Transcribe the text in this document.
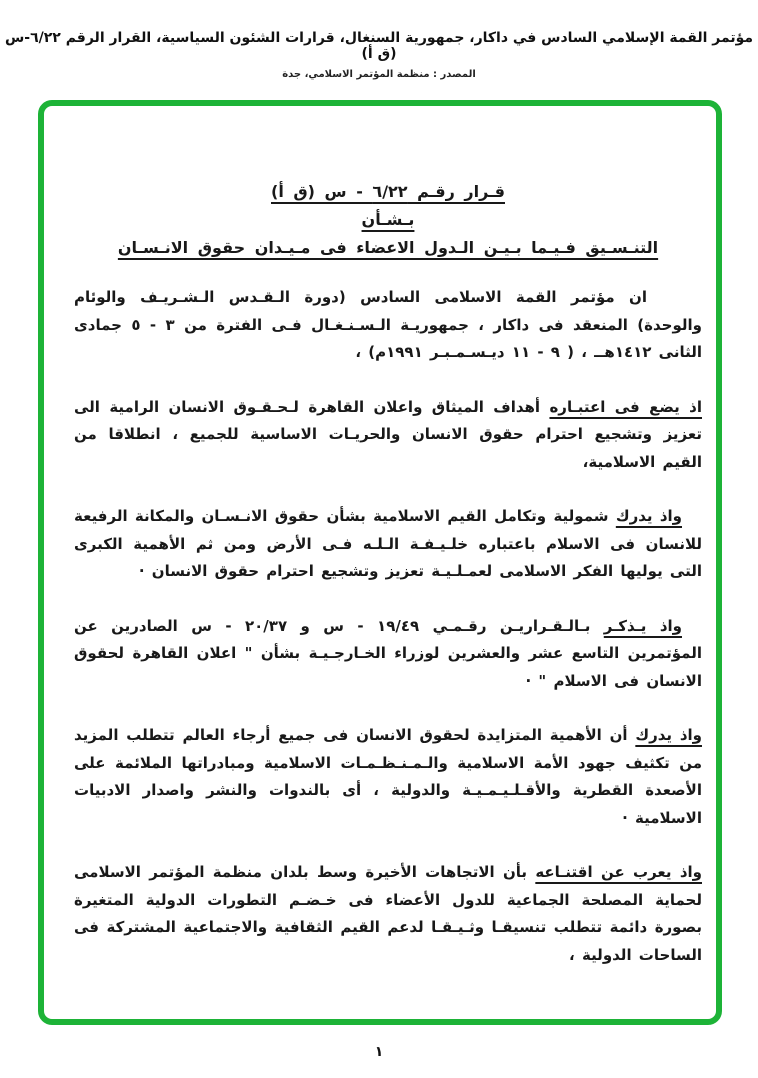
مؤتمر القمة الإسلامي السادس في داكار، جمهورية السنغال، قرارات الشئون السياسية، القرار الرقم ٦/٢٢-س (ق أ)
المصدر : منظمة المؤتمر الاسلامي، جدة
قـرار رقـم ٦/٢٢ - س (ق أ)
بـشـأن
التنـسـيق فـيـما بـيـن الـدول الاعضاء فى مـيـدان حقوق الانـسـان

ان مؤتمر القمة الاسلامى السادس (دورة الـقـدس الـشـريـف والوئام والوحدة) المنعقد فى داكار ، جمهوريـة الـسـنـغـال فـى الفترة من ٣ - ٥ جمادى الثانى ١٤١٢هــ ، ( ٩ - ١١ ديـسـمـبـر ١٩٩١م) ،

اذ يضع فى اعتبـاره أهداف الميثاق واعلان القاهرة لـحـقـوق الانسان الرامية الى تعزيز وتشجيع احترام حقوق الانسان والحريـات الاساسية للجميع ، انطلاقا من القيم الاسلامية،

واذ يدرك شمولية وتكامل القيم الاسلامية بشأن حقوق الانـسـان والمكانة الرفيعة للانسان فى الاسلام باعتباره خلـيـفـة الـلـه فـى الأرض ومن ثم الأهمية الكبرى التى يوليها الفكر الاسلامى لعمـلـيـة تعزيز وتشجيع احترام حقوق الانسان ·

واذ يـذكـر بـالـقـراريـن رقـمـي ١٩/٤٩ - س و ٢٠/٣٧ - س الصادرين عن المؤتمرين التاسع عشر والعشرين لوزراء الخـارجـيـة بشأن " اعلان القاهرة لحقوق الانسان فى الاسلام " ·

واذ يدرك أن الأهمية المتزايدة لحقوق الانسان فى جميع أرجاء العالم تتطلب المزيد من تكثيف جهود الأمة الاسلامية والـمـنـظـمـات الاسلامية ومبادراتها الملائمة على الأصعدة القطرية والأقـلـيـمـيـة والدولية ، أى بالندوات والنشر واصدار الادبيات الاسلامية ·

واذ يعرب عن اقتنـاعه بأن الاتجاهات الأخيرة وسط بلدان منظمة المؤتمر الاسلامى لحماية المصلحة الجماعية للدول الأعضاء فى خـضـم التطورات الدولية المتغيرة بصورة دائمة تتطلب تنسيقـا وثـيـقـا لدعم القيم الثقافية والاجتماعية المشتركة فى الساحات الدولية ،

١
